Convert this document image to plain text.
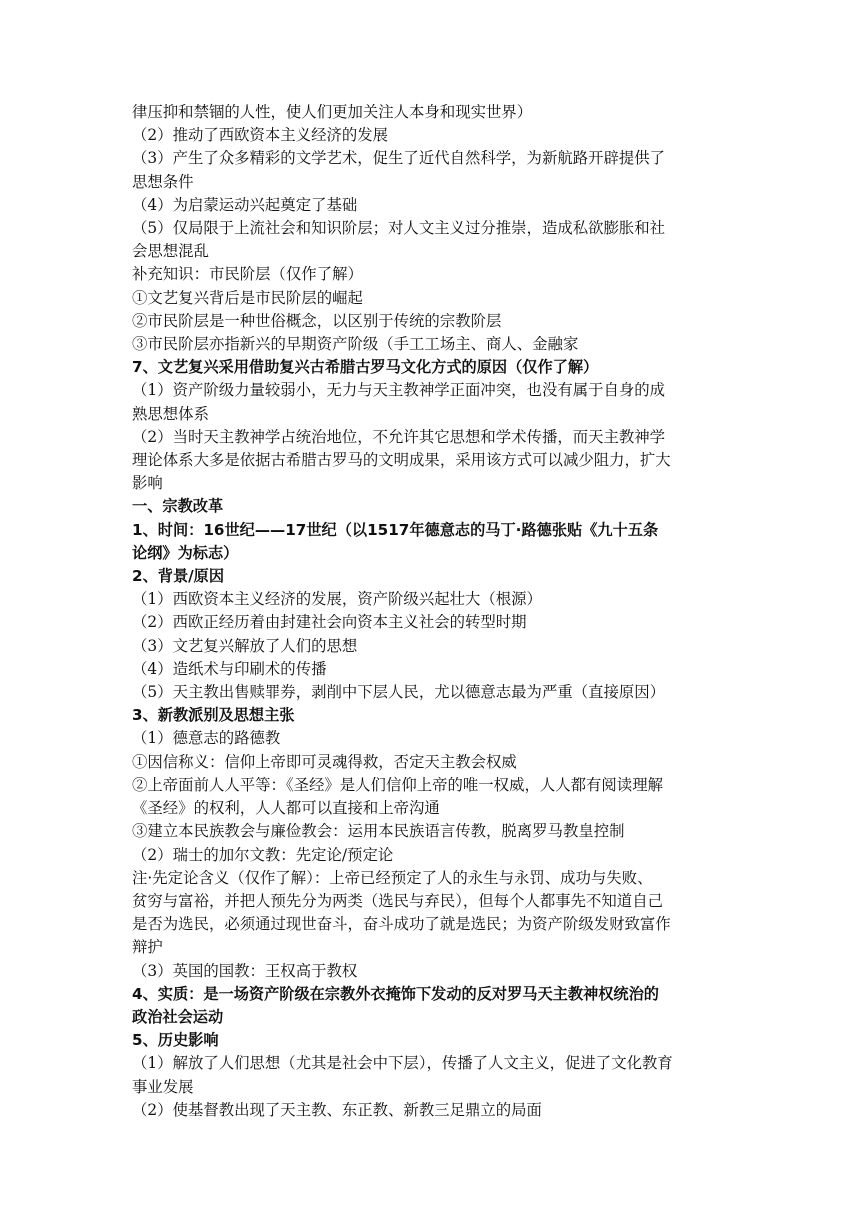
律压抑和禁锢的人性，使人们更加关注人本身和现实世界）
（2）推动了西欧资本主义经济的发展
（3）产生了众多精彩的文学艺术，促生了近代自然科学，为新航路开辟提供了
思想条件
（4）为启蒙运动兴起奠定了基础
（5）仅局限于上流社会和知识阶层；对人文主义过分推崇，造成私欲膨胀和社
会思想混乱
补充知识：市民阶层（仅作了解）
①文艺复兴背后是市民阶层的崛起
②市民阶层是一种世俗概念，以区别于传统的宗教阶层
③市民阶层亦指新兴的早期资产阶级（手工工场主、商人、金融家
7、文艺复兴采用借助复兴古希腊古罗马文化方式的原因（仅作了解）
（1）资产阶级力量较弱小，无力与天主教神学正面冲突，也没有属于自身的成
熟思想体系
（2）当时天主教神学占统治地位，不允许其它思想和学术传播，而天主教神学
理论体系大多是依据古希腊古罗马的文明成果，采用该方式可以减少阻力，扩大
影响
一、宗教改革
1、时间：16世纪——17世纪（以1517年德意志的马丁·路德张贴《九十五条
论纲》为标志）
2、背景/原因
（1）西欧资本主义经济的发展，资产阶级兴起壮大（根源）
（2）西欧正经历着由封建社会向资本主义社会的转型时期
（3）文艺复兴解放了人们的思想
（4）造纸术与印刷术的传播
（5）天主教出售赎罪券，剥削中下层人民，尤以德意志最为严重（直接原因）
3、新教派别及思想主张
（1）德意志的路德教
①因信称义：信仰上帝即可灵魂得救，否定天主教会权威
②上帝面前人人平等：《圣经》是人们信仰上帝的唯一权威，人人都有阅读理解
《圣经》的权利，人人都可以直接和上帝沟通
③建立本民族教会与廉俭教会：运用本民族语言传教，脱离罗马教皇控制
（2）瑞士的加尔文教：先定论/预定论
注·先定论含义（仅作了解）：上帝已经预定了人的永生与永罚、成功与失败、
贫穷与富裕，并把人预先分为两类（选民与弃民），但每个人都事先不知道自己
是否为选民，必须通过现世奋斗，奋斗成功了就是选民；为资产阶级发财致富作
辩护
（3）英国的国教：王权高于教权
4、实质：是一场资产阶级在宗教外衣掩饰下发动的反对罗马天主教神权统治的
政治社会运动
5、历史影响
（1）解放了人们思想（尤其是社会中下层），传播了人文主义，促进了文化教育
事业发展
（2）使基督教出现了天主教、东正教、新教三足鼎立的局面
